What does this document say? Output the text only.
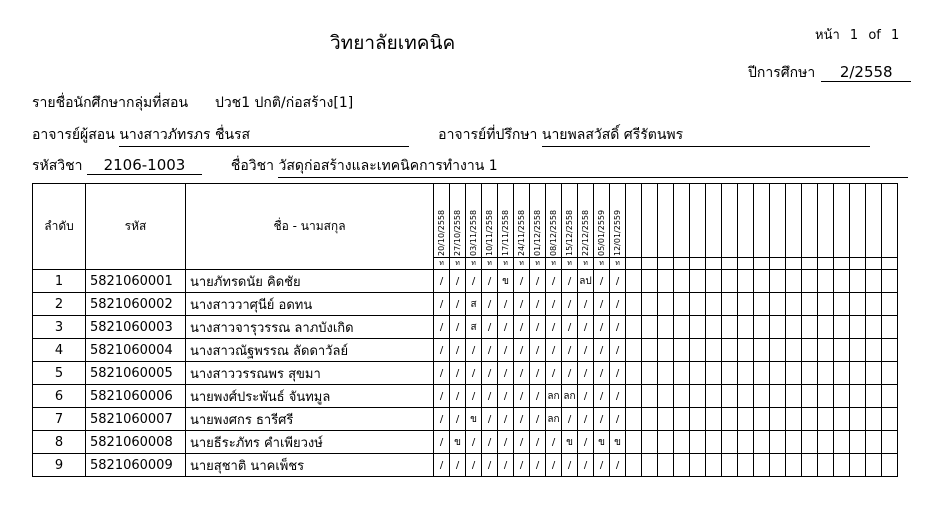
วิทยาลัยเทคนิค	หน้า 1 of 1
ปีการศึกษา 2/2558
รายชื่อนักศึกษากลุ่มที่สอน ปวช1 ปกติ/ก่อสร้าง[1]
อาจารย์ผู้สอน นางสาวภัทรภร ชื่นรส	อาจารย์ที่ปรึกษา นายพลสวัสดิ์ ศรีรัตนพร
รหัสวิชา 2106-1003	ชื่อวิชา วัสดุก่อสร้างและเทคนิคการทำงาน 1
ลำดับ	รหัส	ชื่อ - นามสกุล	20/10/2558	27/10/2558	03/11/2558	10/11/2558	17/11/2558	24/11/2558	01/12/2558	08/12/2558	15/12/2558	22/12/2558	05/01/2559	12/01/2559																	

			ท	ท	ท	ท	ท	ท	ท	ท	ท	ท	ท	ท																	
1	5821060001	นายภัทรดนัย คิดชัย	/	/	/	/	ข	/	/	/	/	ลป	/	/																	
2	5821060002	นางสาววาศุนีย์ อดทน	/	/	ส	/	/	/	/	/	/	/	/	/																	
3	5821060003	นางสาวจารุวรรณ ลาภบังเกิด	/	/	ส	/	/	/	/	/	/	/	/	/																	
4	5821060004	นางสาวณัฐพรรณ ลัดดาวัลย์	/	/	/	/	/	/	/	/	/	/	/	/																	
5	5821060005	นางสาววรรณพร สุขมา	/	/	/	/	/	/	/	/	/	/	/	/																	
6	5821060006	นายพงศ์ประพันธ์ จันทมูล	/	/	/	/	/	/	/	ลก	ลก	/	/	/																	
7	5821060007	นายพงศกร ธารีศรี	/	/	ข	/	/	/	/	ลก	/	/	/	/																	
8	5821060008	นายธีระภัทร คำเพียวงษ์	/	ข	/	/	/	/	/	/	ข	/	ข	ข																	
9	5821060009	นายสุชาติ นาคเพ็ชร	/	/	/	/	/	/	/	/	/	/	/	/																	
